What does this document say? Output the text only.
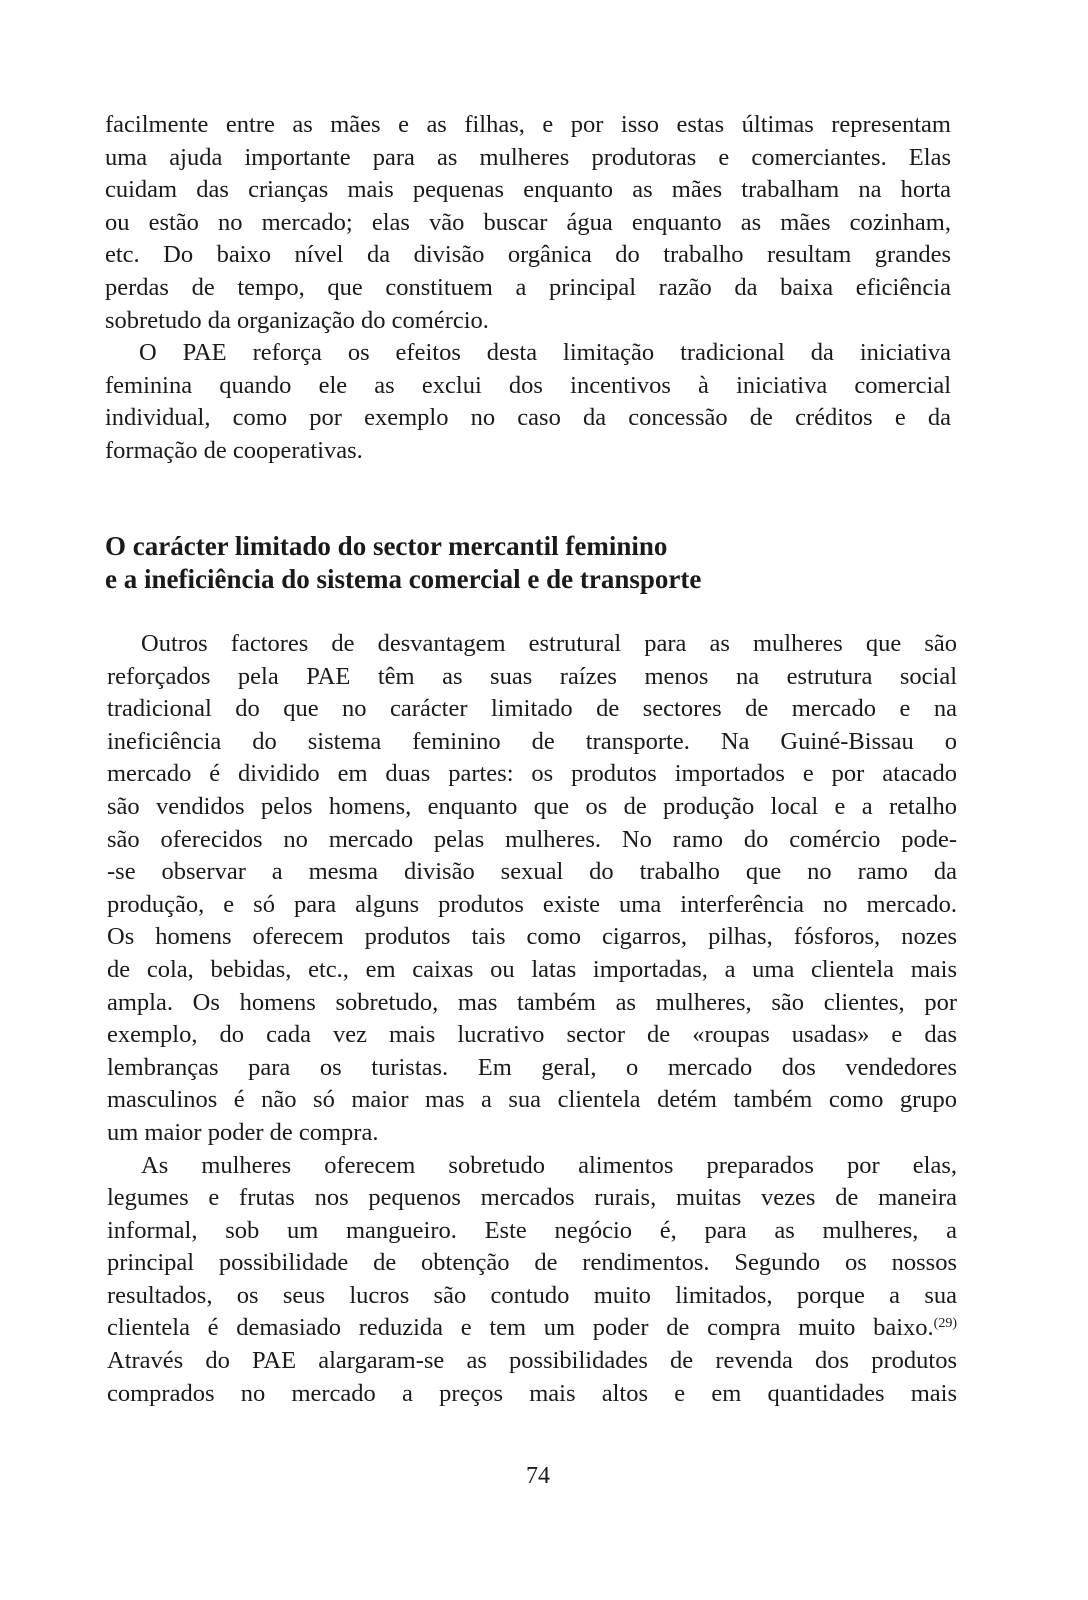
facilmente entre as mães e as filhas, e por isso estas últimas representam
uma ajuda importante para as mulheres produtoras e comerciantes. Elas
cuidam das crianças mais pequenas enquanto as mães trabalham na horta
ou estão no mercado; elas vão buscar água enquanto as mães cozinham,
etc. Do baixo nível da divisão orgânica do trabalho resultam grandes
perdas de tempo, que constituem a principal razão da baixa eficiência
sobretudo da organização do comércio.
O PAE reforça os efeitos desta limitação tradicional da iniciativa
feminina quando ele as exclui dos incentivos à iniciativa comercial
individual, como por exemplo no caso da concessão de créditos e da
formação de cooperativas.
O carácter limitado do sector mercantil feminino
e a ineficiência do sistema comercial e de transporte
Outros factores de desvantagem estrutural para as mulheres que são
reforçados pela PAE têm as suas raízes menos na estrutura social
tradicional do que no carácter limitado de sectores de mercado e na
ineficiência do sistema feminino de transporte. Na Guiné-Bissau o
mercado é dividido em duas partes: os produtos importados e por atacado
são vendidos pelos homens, enquanto que os de produção local e a retalho
são oferecidos no mercado pelas mulheres. No ramo do comércio pode-
-se observar a mesma divisão sexual do trabalho que no ramo da
produção, e só para alguns produtos existe uma interferência no mercado.
Os homens oferecem produtos tais como cigarros, pilhas, fósforos, nozes
de cola, bebidas, etc., em caixas ou latas importadas, a uma clientela mais
ampla. Os homens sobretudo, mas também as mulheres, são clientes, por
exemplo, do cada vez mais lucrativo sector de «roupas usadas» e das
lembranças para os turistas. Em geral, o mercado dos vendedores
masculinos é não só maior mas a sua clientela detém também como grupo
um maior poder de compra.
As mulheres oferecem sobretudo alimentos preparados por elas,
legumes e frutas nos pequenos mercados rurais, muitas vezes de maneira
informal, sob um mangueiro. Este negócio é, para as mulheres, a
principal possibilidade de obtenção de rendimentos. Segundo os nossos
resultados, os seus lucros são contudo muito limitados, porque a sua
clientela é demasiado reduzida e tem um poder de compra muito baixo.$^{(29)}$
Através do PAE alargaram-se as possibilidades de revenda dos produtos
comprados no mercado a preços mais altos e em quantidades mais
74
